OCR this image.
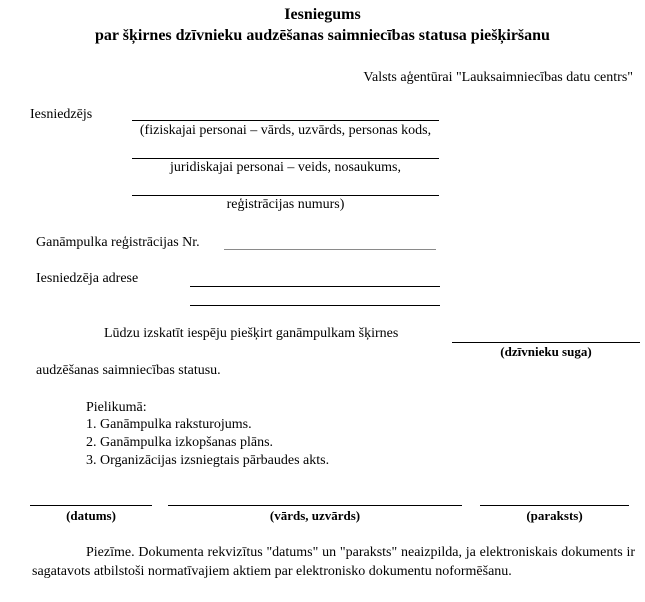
Iesniegums
par šķirnes dzīvnieku audzēšanas saimniecības statusa piešķiršanu
Valsts aģentūrai "Lauksaimniecības datu centrs"
Iesniedzējs
(fiziskajai personai – vārds, uzvārds, personas kods,
juridiskajai personai – veids, nosaukums,
reģistrācijas numurs)
Ganāmpulka reģistrācijas Nr.
Iesniedzēja adrese
Lūdzu izskatīt iespēju piešķirt ganāmpulkam šķirnes
(dzīvnieku suga)
audzēšanas saimniecības statusu.
Pielikumā:
1. Ganāmpulka raksturojums.
2. Ganāmpulka izkopšanas plāns.
3. Organizācijas izsniegtais pārbaudes akts.
(datums)	(vārds, uzvārds)	(paraksts)
Piezīme. Dokumenta rekvizītus "datums" un "paraksts" neaizpilda, ja elektroniskais dokuments ir sagatavots atbilstoši normatīvajiem aktiem par elektronisko dokumentu noformēšanu.
